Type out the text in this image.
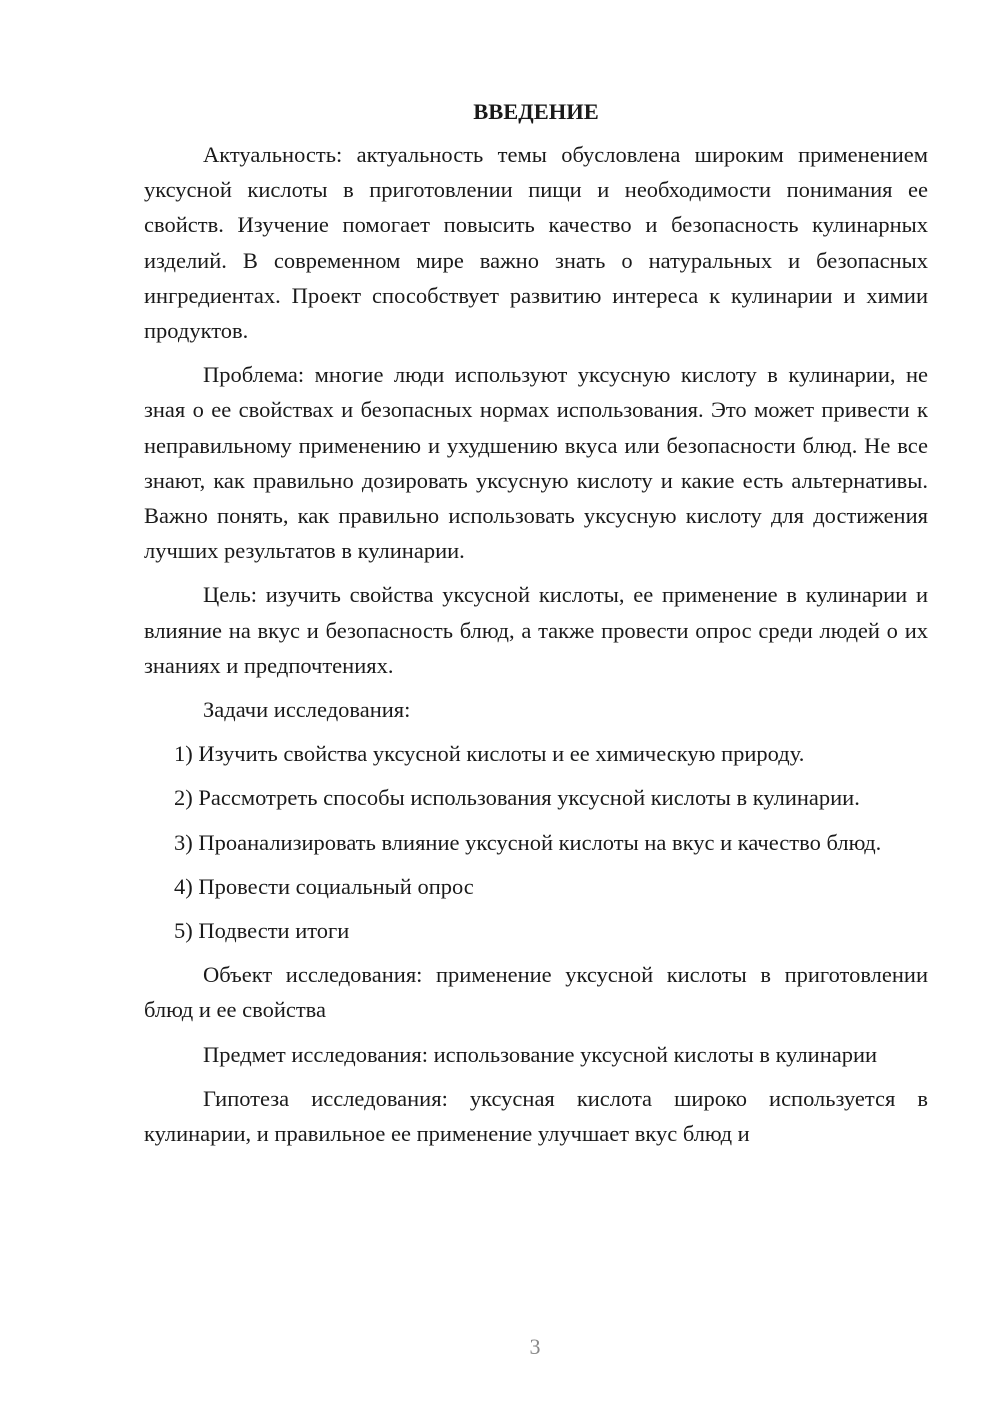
ВВЕДЕНИЕ

Актуальность: актуальность темы обусловлена широким применением уксусной кислоты в приготовлении пищи и необходимости понимания ее свойств. Изучение помогает повысить качество и безопасность кулинарных изделий. В современном мире важно знать о натуральных и безопасных ингредиентах. Проект способствует развитию интереса к кулинарии и химии продуктов.

Проблема: многие люди используют уксусную кислоту в кулинарии, не зная о ее свойствах и безопасных нормах использования. Это может привести к неправильному применению и ухудшению вкуса или безопасности блюд. Не все знают, как правильно дозировать уксусную кислоту и какие есть альтернативы. Важно понять, как правильно использовать уксусную кислоту для достижения лучших результатов в кулинарии.

Цель: изучить свойства уксусной кислоты, ее применение в кулинарии и влияние на вкус и безопасность блюд, а также провести опрос среди людей о их знаниях и предпочтениях.

Задачи исследования:

1) Изучить свойства уксусной кислоты и ее химическую природу.

2) Рассмотреть способы использования уксусной кислоты в кулинарии.

3) Проанализировать влияние уксусной кислоты на вкус и качество блюд.

4) Провести социальный опрос

5) Подвести итоги

Объект исследования: применение уксусной кислоты в приготовлении блюд и ее свойства

Предмет исследования: использование уксусной кислоты в кулинарии

Гипотеза исследования: уксусная кислота широко используется в кулинарии, и правильное ее применение улучшает вкус блюд и

3
